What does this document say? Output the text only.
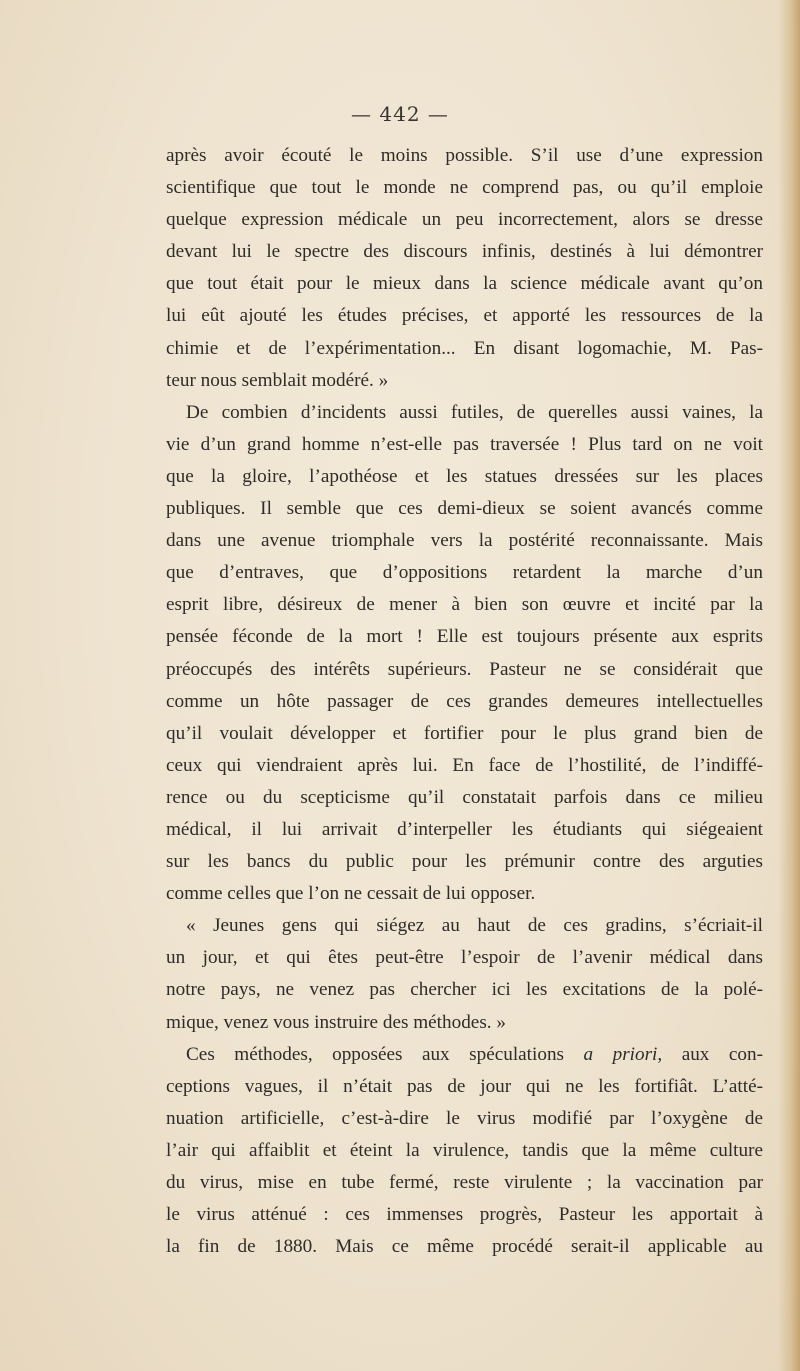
— 442 —
après avoir écouté le moins possible. S’il use d’une expression
scientifique que tout le monde ne comprend pas, ou qu’il emploie
quelque expression médicale un peu incorrectement, alors se dresse
devant lui le spectre des discours infinis, destinés à lui démontrer
que tout était pour le mieux dans la science médicale avant qu’on
lui eût ajouté les études précises, et apporté les ressources de la
chimie et de l’expérimentation... En disant logomachie, M. Pas-
teur nous semblait modéré. »
De combien d’incidents aussi futiles, de querelles aussi vaines, la
vie d’un grand homme n’est-elle pas traversée ! Plus tard on ne voit
que la gloire, l’apothéose et les statues dressées sur les places
publiques. Il semble que ces demi-dieux se soient avancés comme
dans une avenue triomphale vers la postérité reconnaissante. Mais
que d’entraves, que d’oppositions retardent la marche d’un
esprit libre, désireux de mener à bien son œuvre et incité par la
pensée féconde de la mort ! Elle est toujours présente aux esprits
préoccupés des intérêts supérieurs. Pasteur ne se considérait que
comme un hôte passager de ces grandes demeures intellectuelles
qu’il voulait développer et fortifier pour le plus grand bien de
ceux qui viendraient après lui. En face de l’hostilité, de l’indiffé-
rence ou du scepticisme qu’il constatait parfois dans ce milieu
médical, il lui arrivait d’interpeller les étudiants qui siégeaient
sur les bancs du public pour les prémunir contre des arguties
comme celles que l’on ne cessait de lui opposer.
« Jeunes gens qui siégez au haut de ces gradins, s’écriait-il
un jour, et qui êtes peut-être l’espoir de l’avenir médical dans
notre pays, ne venez pas chercher ici les excitations de la polé-
mique, venez vous instruire des méthodes. »
Ces méthodes, opposées aux spéculations a priori, aux con-
ceptions vagues, il n’était pas de jour qui ne les fortifiât. L’atté-
nuation artificielle, c’est-à-dire le virus modifié par l’oxygène de
l’air qui affaiblit et éteint la virulence, tandis que la même culture
du virus, mise en tube fermé, reste virulente ; la vaccination par
le virus atténué : ces immenses progrès, Pasteur les apportait à
la fin de 1880. Mais ce même procédé serait-il applicable au
